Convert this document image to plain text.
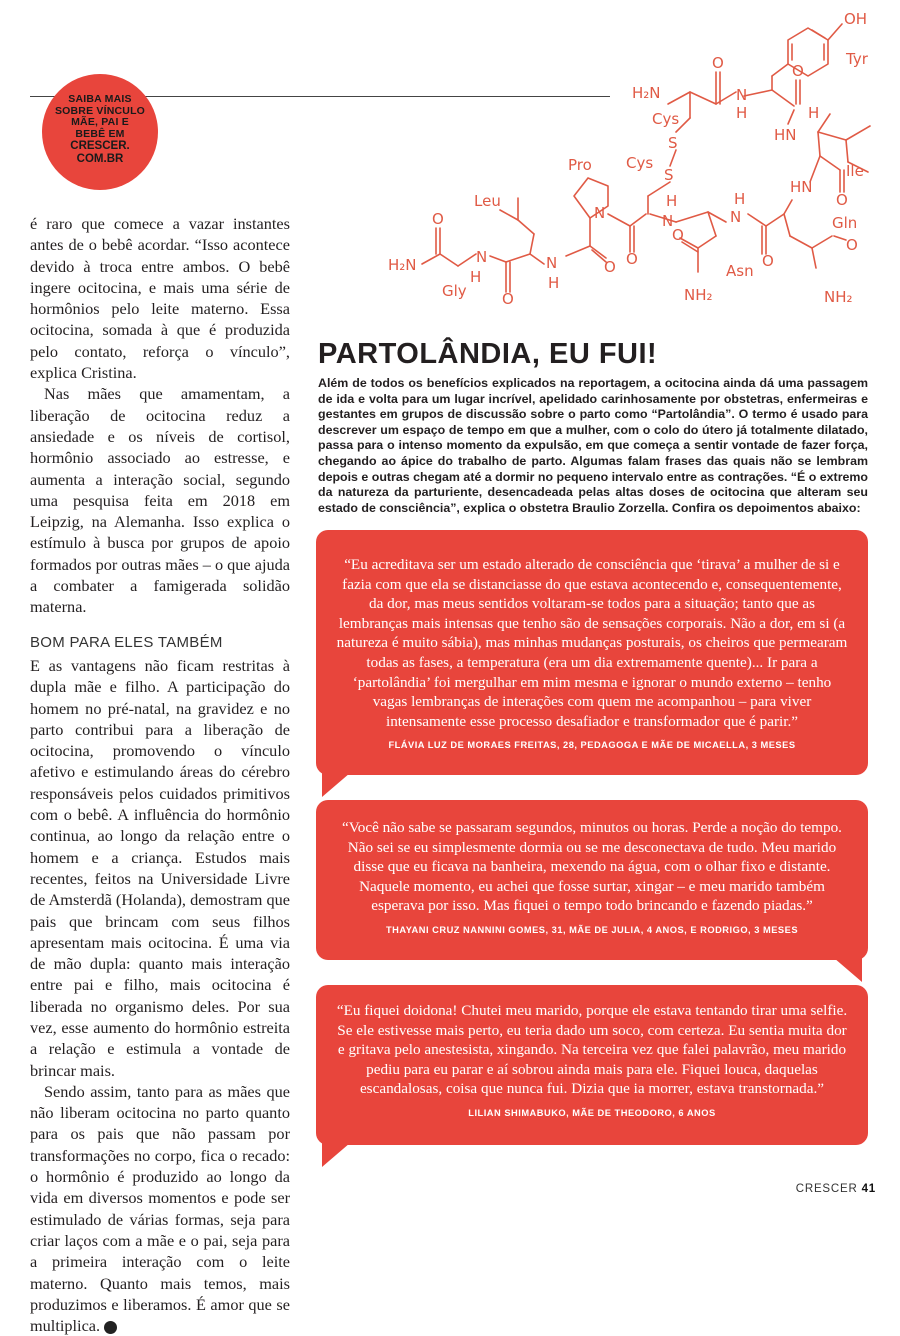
SAIBA MAIS
SOBRE VÍNCULO
MÃE, PAI E
BEBÊ EM
CRESCER.
COM.BR
OH
Tyr
H₂N
O
N
H
O
Cys
HN
H
S
Cys
S	Ile
Pro
HN
O
Leu	H
H
N	N	N	Gln
O
O
O
O
O
O
H₂N	N
H
N
H
Asn
Gly O	NH₂	NH₂

é raro que comece a vazar instantes antes de o bebê acordar. “Isso acontece devido à troca entre ambos. O bebê ingere ocitocina, e mais uma série de hormônios pelo leite materno. Essa ocitocina, somada à que é produzida pelo contato, reforça o vínculo”, explica Cristina.

Nas mães que amamentam, a liberação de ocitocina reduz a ansiedade e os níveis de cortisol, hormônio associado ao estresse, e aumenta a interação social, segundo uma pesquisa feita em 2018 em Leipzig, na Alemanha. Isso explica o estímulo à busca por grupos de apoio formados por outras mães – o que ajuda a combater a famigerada solidão materna.

BOM PARA ELES TAMBÉM

E as vantagens não ficam restritas à dupla mãe e filho. A participação do homem no pré-natal, na gravidez e no parto contribui para a liberação de ocitocina, promovendo o vínculo afetivo e estimulando áreas do cérebro responsáveis pelos cuidados primitivos com o bebê. A influência do hormônio continua, ao longo da relação entre o homem e a criança. Estudos mais recentes, feitos na Universidade Livre de Amsterdã (Holanda), demostram que pais que brincam com seus filhos apresentam mais ocitocina. É uma via de mão dupla: quanto mais interação entre pai e filho, mais ocitocina é liberada no organismo deles. Por sua vez, esse aumento do hormônio estreita a relação e estimula a vontade de brincar mais.

Sendo assim, tanto para as mães que não liberam ocitocina no parto quanto para os pais que não passam por transformações no corpo, fica o recado: o hormônio é produzido ao longo da vida em diversos momentos e pode ser estimulado de várias formas, seja para criar laços com a mãe e o pai, seja para a primeira interação com o leite materno. Quanto mais temos, mais produzimos e liberamos. É amor que se multiplica. C

PARTOLÂNDIA, EU FUI!

Além de todos os benefícios explicados na reportagem, a ocitocina ainda dá uma passagem de ida e volta para um lugar incrível, apelidado carinhosamente por obstetras, enfermeiras e gestantes em grupos de discussão sobre o parto como “Partolândia”. O termo é usado para descrever um espaço de tempo em que a mulher, com o colo do útero já totalmente dilatado, passa para o intenso momento da expulsão, em que começa a sentir vontade de fazer força, chegando ao ápice do trabalho de parto. Algumas falam frases das quais não se lembram depois e outras chegam até a dormir no pequeno intervalo entre as contrações. “É o extremo da natureza da parturiente, desencadeada pelas altas doses de ocitocina que alteram seu estado de consciência”, explica o obstetra Braulio Zorzella. Confira os depoimentos abaixo:

“Eu acreditava ser um estado alterado de consciência que ‘tirava’ a mulher de si e fazia com que ela se distanciasse do que estava acontecendo e, consequentemente, da dor, mas meus sentidos voltaram-se todos para a situação; tanto que as lembranças mais intensas que tenho são de sensações corporais. Não a dor, em si (a natureza é muito sábia), mas minhas mudanças posturais, os cheiros que permearam todas as fases, a temperatura (era um dia extremamente quente)... Ir para a ‘partolândia’ foi mergulhar em mim mesma e ignorar o mundo externo – tenho vagas lembranças de interações com quem me acompanhou – para viver intensamente esse processo desafiador e transformador que é parir.”

FLÁVIA LUZ DE MORAES FREITAS, 28, PEDAGOGA E MÃE DE MICAELLA, 3 MESES

“Você não sabe se passaram segundos, minutos ou horas. Perde a noção do tempo. Não sei se eu simplesmente dormia ou se me desconectava de tudo. Meu marido disse que eu ficava na banheira, mexendo na água, com o olhar fixo e distante. Naquele momento, eu achei que fosse surtar, xingar – e meu marido também esperava por isso. Mas fiquei o tempo todo brincando e fazendo piadas.”

THAYANI CRUZ NANNINI GOMES, 31, MÃE DE JULIA, 4 ANOS, E RODRIGO, 3 MESES

“Eu fiquei doidona! Chutei meu marido, porque ele estava tentando tirar uma selfie. Se ele estivesse mais perto, eu teria dado um soco, com certeza. Eu sentia muita dor e gritava pelo anestesista, xingando. Na terceira vez que falei palavrão, meu marido pediu para eu parar e aí sobrou ainda mais para ele. Fiquei louca, daquelas escandalosas, coisa que nunca fui. Dizia que ia morrer, estava transtornada.”

LILIAN SHIMABUKO, MÃE DE THEODORO, 6 ANOS

CRESCER 41
